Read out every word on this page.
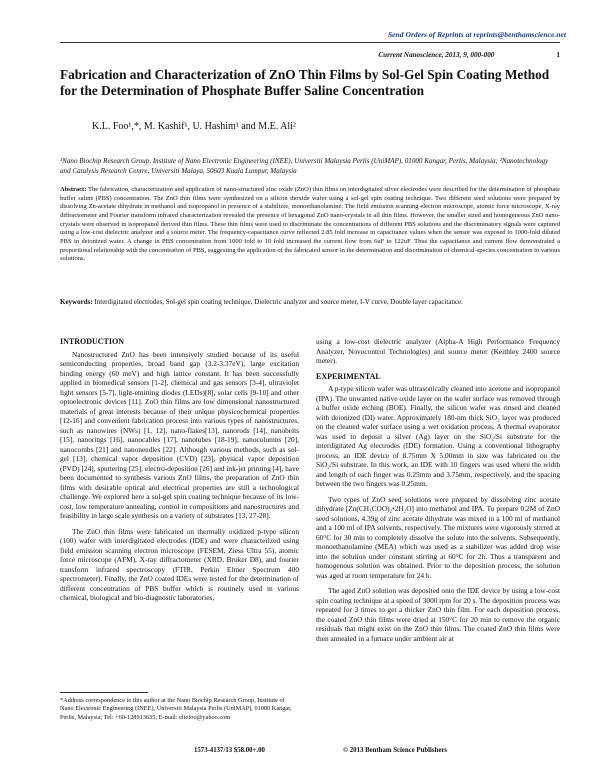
Send Orders of Reprints at reprints@benthamscience.net
Current Nanoscience, 2013, 9, 000-000	1
Fabrication and Characterization of ZnO Thin Films by Sol-Gel Spin Coating Method for the Determination of Phosphate Buffer Saline Concentration
K.L. Foo¹,*, M. Kashif¹, U. Hashim¹ and M.E. Ali²
¹Nano Biochip Research Group, Institute of Nano Electronic Engineering (INEE), Universiti Malaysia Perlis (UniMAP), 01000 Kangar, Perlis, Malaysia; ²Nanotechnology and Catalysis Research Centre, Universiti Malaya, 50603 Kuala Lumpur, Malaysia
Abstract: The fabrication, characterization and application of nano-structured zinc oxide (ZnO) thin films on interdigitated silver electrodes were described for the determination of phosphate buffer saline (PBS) concentration. The ZnO thin films were synthesized on a silicon dioxide wafer using a sol-gel spin coating technique. Two different seed solutions were prepared by dissolving Zn-acetate dihydrate in methanol and isopropanol in presence of a stabilizer, monoethanolamine. The field emission scanning electron microscope, atomic force microscope, X-ray diffractometer and Fourier transform infrared characterization revealed the presence of hexagonal ZnO nano-crystals in all thin films. However, the smaller sized and homogeneous ZnO nano-crystals were observed in isopropanol derived thin films. These thin films were used to discriminate the concentrations of different PBS solutions and the discriminatory signals were captured using a low-cost dielectric analyzer and a source meter. The frequency-capacitance curve reflected 2.85 fold increase in capacitance values when the sensor was exposed to 1000-fold diluted PBS in deionized water. A change in PBS concentration from 1000 fold to 10 fold increased the current flow from 6uF to 122uF. Thus the capacitance and current flow demonstrated a proportional relationship with the concentration of PBS, suggesting the application of the fabricated sensor in the determination and discrimination of chemical-species concentration in various solutions.
Keywords: Interdigitated electrodes, Sol-gel spin coating technique, Dielectric analyzer and source meter, I-V curve, Double layer capacitance.
INTRODUCTION

Nanostructured ZnO has been intensively studied because of its useful semiconducting properties, broad band gap (3.2-3.37eV), large excitation binding energy (60 meV) and high lattice constant. It has been successfully applied in biomedical sensors [1-2], chemical and gas sensors [3-4], ultraviolet light sensors [5-7], light-emitting diodes (LEDs)[8], solar cells [9-10] and other optoelectronic devices [11]. ZnO thin films are low dimensional nanostructured materials of great interests because of their unique physicochemical properties [12-16] and convenient fabrication process into various types of nanostructures, such as nanowires (NWs) [1, 12], nano-flakes[13], nanorods [14], nanobelts [15], nanorings [16], nanocables [17], nanotubes [18-19], nanocolumns [20], nanocombs [21] and nanoneedles [22]. Although various methods, such as sol-gel [13], chemical vapor deposition (CVD) [23], physical vapor deposition (PVD) [24], sputtering [25], electro-deposition [26] and ink-jet printing [4], have been documented to synthesis various ZnO films, the preparation of ZnO thin films with desirable optical and electrical properties are still a technological challenge. We explored here a sol-gel spin coating technique because of its low-cost, low temperature annealing, control in compositions and nanostructures and feasibility in large scale synthesis on a variety of substrates [13, 27-28].

The ZnO thin films were fabricated on thermally oxidized p-type silicon (100) wafer with interdigitated electrodes (IDE) and were characterized using field emission scanning electron microscope (FESEM, Ziess Ultra 55), atomic force microscope (AFM), X-ray diffractometer (XRD, Bruker D8), and fourier transform infrared spectroscopy (FTIR, Perkin Elmer Spectrum 400 spectrometer). Finally, the ZnO coated IDEs were tested for the determination of different concentration of PBS buffer which is routinely used in various chemical, biological and bio-diagnostic laboratories,

using a low-cost dielectric analyzer (Alpha-A High Performance Frequency Analyzer, Novocontrol Technologies) and source meter (Keithley 2400 source meter).

EXPERIMENTAL

A p-type silicon wafer was ultrasonically cleaned into acetone and isopropanol (IPA). The unwanted native oxide layer on the wafer surface was removed through a buffer oxide etching (BOE). Finally, the silicon wafer was rinsed and cleaned with deionized (DI) water. Approximately 180-nm thick SiO₂ layer was produced on the cleaned wafer surface using a wet oxidation process. A thermal evaporator was used to deposit a silver (Ag) layer on the SiO₂/Si substrate for the interdigitated Ag electrodes (IDE) formation. Using a conventional lithography process, an IDE device of 8.75mm X 5.00mm in size was fabricated on the SiO₂/Si substrate. In this work, an IDE with 10 fingers was used where the width and length of each finger was 0.25mm and 3.75mm, respectively, and the spacing between the two fingers was 0.25mm.

Two types of ZnO seed solutions were prepared by dissolving zinc acetate dihydrate [Zn(CH₃COO)₂•2H₂O] into methanol and IPA. To prepare 0.2M of ZnO seed solutions, 4.39g of zinc acetate dihydrate was mixed in a 100 ml of methanol and a 100 ml of IPA solvents, respectively. The mixtures were vigorously stirred at 60°C for 30 min to completely dissolve the solute into the solvents. Subsequently, monoethanolamine (MEA) which was used as a stabilizer was added drop wise into the solution under constant stirring at 60°C for 2h. Thus a transparent and homogenous solution was obtained. Prior to the deposition process, the solution was aged at room temperature for 24 h.

The aged ZnO solution was deposited onto the IDE device by using a low-cost spin coating technique at a speed of 3000 rpm for 20 s. The deposition process was repeated for 3 times to get a thicker ZnO thin film. For each deposition process, the coated ZnO thin films were dried at 150°C for 20 min to remove the organic residuals that might exist on the ZnO thin films. The coated ZnO thin films were then annealed in a furnace under ambient air at

*Address correspondence to this author at the Nano Biochip Research Group, Institute of Nano Electronic Engineering (INEE), Universiti Malaysia Perlis (UniMAP), 01000 Kangar, Perlis, Malaysia; Tel: +60-128913635; E-mail: eliefoo@yahoo.com
1573-4137/13 $58.00+.00	© 2013 Bentham Science Publishers
